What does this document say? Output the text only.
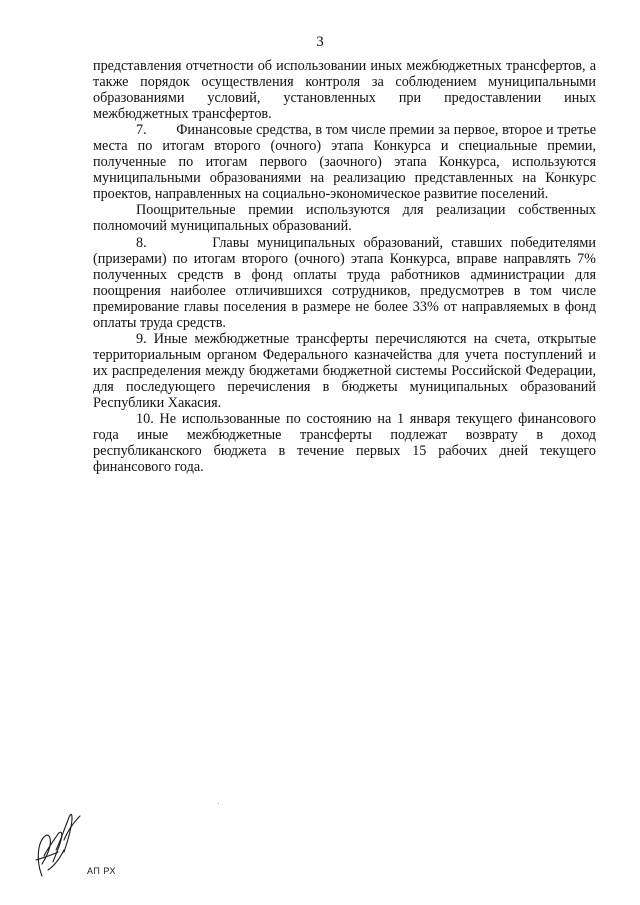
3

представления отчетности об использовании иных межбюджетных трансфертов, а также порядок осуществления контроля за соблюдением муниципальными образованиями условий, установленных при предоставлении иных межбюджетных трансфертов.

7.        Финансовые средства, в том числе премии за первое, второе и третье места по итогам второго (очного) этапа Конкурса и специальные премии, полученные по итогам первого (заочного) этапа Конкурса, используются муниципальными образованиями на реализацию представленных на Конкурс проектов, направленных на социально-экономическое развитие поселений.

Поощрительные премии используются для реализации собственных полномочий муниципальных образований.

8.        Главы муниципальных образований, ставших победителями (призерами) по итогам второго (очного) этапа Конкурса, вправе направлять 7% полученных средств в фонд оплаты труда работников администрации для поощрения наиболее отличившихся сотрудников, предусмотрев в том числе премирование главы поселения в размере не более 33% от направляемых в фонд оплаты труда средств.

9. Иные межбюджетные трансферты перечисляются на счета, открытые территориальным органом Федерального казначейства для учета поступлений и их распределения между бюджетами бюджетной системы Российской Федерации, для последующего перечисления в бюджеты муниципальных образований Республики Хакасия.

10. Не использованные по состоянию на 1 января текущего финансового года иные межбюджетные трансферты подлежат возврату в доход республиканского бюджета в течение первых 15 рабочих дней текущего финансового года.

АП РХ
